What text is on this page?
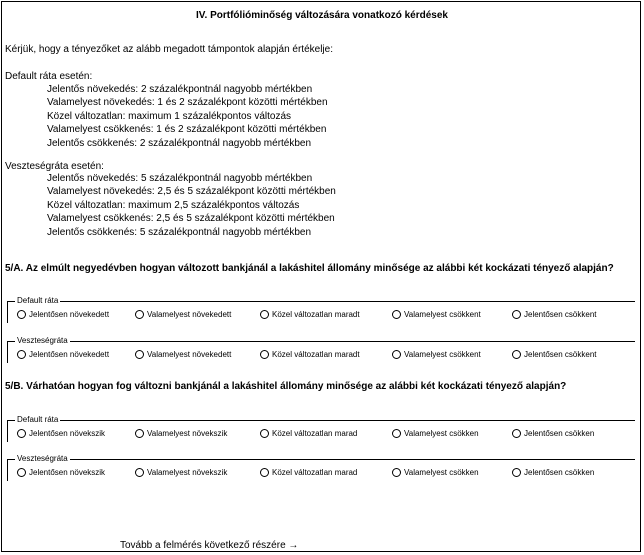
IV. Portfólióminőség változására vonatkozó kérdések
Kérjük, hogy a tényezőket az alább megadott támpontok alapján értékelje:
Default ráta esetén:
Jelentős növekedés: 2 százalékpontnál nagyobb mértékben
Valamelyest növekedés: 1 és 2 százalékpont közötti mértékben
Közel változatlan: maximum 1 százalékpontos változás
Valamelyest csökkenés: 1 és 2 százalékpont közötti mértékben
Jelentős csökkenés: 2 százalékpontnál nagyobb mértékben
Veszteségráta esetén:
Jelentős növekedés: 5 százalékpontnál nagyobb mértékben
Valamelyest növekedés: 2,5 és 5 százalékpont közötti mértékben
Közel változatlan: maximum 2,5 százalékpontos változás
Valamelyest csökkenés: 2,5 és 5 százalékpont közötti mértékben
Jelentős csökkenés: 5 százalékpontnál nagyobb mértékben
5/A. Az elmúlt negyedévben hogyan változott bankjánál a lakáshitel állomány minősége az alábbi két kockázati tényező alapján?
Default ráta
Jelentősen növekedett	Valamelyest növekedett	Közel változatlan maradt	Valamelyest csökkent	Jelentősen csökkent
Veszteségráta
Jelentősen növekedett	Valamelyest növekedett	Közel változatlan maradt	Valamelyest csökkent	Jelentősen csökkent
5/B. Várhatóan hogyan fog változni bankjánál a lakáshitel állomány minősége az alábbi két kockázati tényező alapján?
Default ráta
Jelentősen növekszik	Valamelyest növekszik	Közel változatlan marad	Valamelyest csökken	Jelentősen csökken
Veszteségráta
Jelentősen növekszik	Valamelyest növekszik	Közel változatlan marad	Valamelyest csökken	Jelentősen csökken
Tovább a felmérés következő részére →
